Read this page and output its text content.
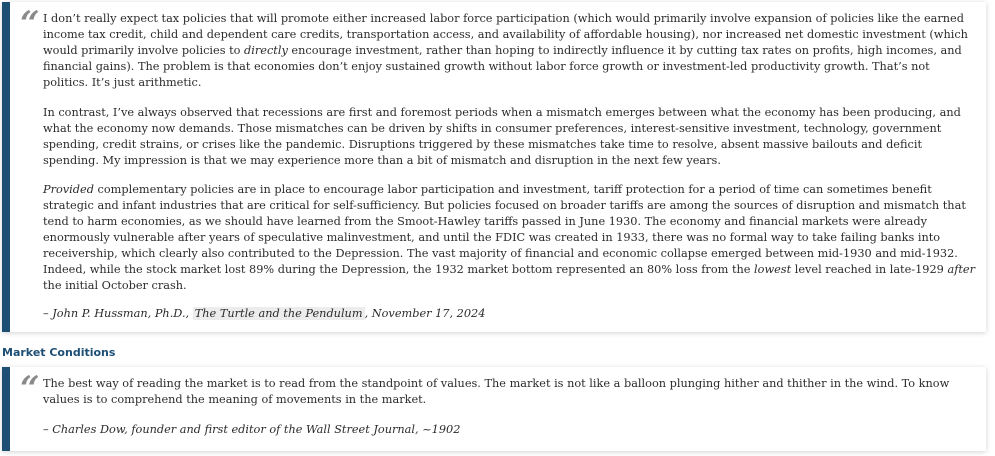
“ I don’t really expect tax policies that will promote either increased labor force participation (which would primarily involve expansion of policies like the earned income tax credit, child and dependent care credits, transportation access, and availability of affordable housing), nor increased net domestic investment (which would primarily involve policies to directly encourage investment, rather than hoping to indirectly influence it by cutting tax rates on profits, high incomes, and financial gains). The problem is that economies don’t enjoy sustained growth without labor force growth or investment-led productivity growth. That’s not politics. It’s just arithmetic.

In contrast, I’ve always observed that recessions are first and foremost periods when a mismatch emerges between what the economy has been producing, and what the economy now demands. Those mismatches can be driven by shifts in consumer preferences, interest-sensitive investment, technology, government spending, credit strains, or crises like the pandemic. Disruptions triggered by these mismatches take time to resolve, absent massive bailouts and deficit spending. My impression is that we may experience more than a bit of mismatch and disruption in the next few years.

Provided complementary policies are in place to encourage labor participation and investment, tariff protection for a period of time can sometimes benefit strategic and infant industries that are critical for self-sufficiency. But policies focused on broader tariffs are among the sources of disruption and mismatch that tend to harm economies, as we should have learned from the Smoot-Hawley tariffs passed in June 1930. The economy and financial markets were already enormously vulnerable after years of speculative malinvestment, and until the FDIC was created in 1933, there was no formal way to take failing banks into receivership, which clearly also contributed to the Depression. The vast majority of financial and economic collapse emerged between mid-1930 and mid-1932. Indeed, while the stock market lost 89% during the Depression, the 1932 market bottom represented an 80% loss from the lowest level reached in late-1929 after the initial October crash.

– John P. Hussman, Ph.D., The Turtle and the Pendulum , November 17, 2024

Market Conditions
“ The best way of reading the market is to read from the standpoint of values. The market is not like a balloon plunging hither and thither in the wind. To know values is to comprehend the meaning of movements in the market.

– Charles Dow, founder and first editor of the Wall Street Journal, ~1902
